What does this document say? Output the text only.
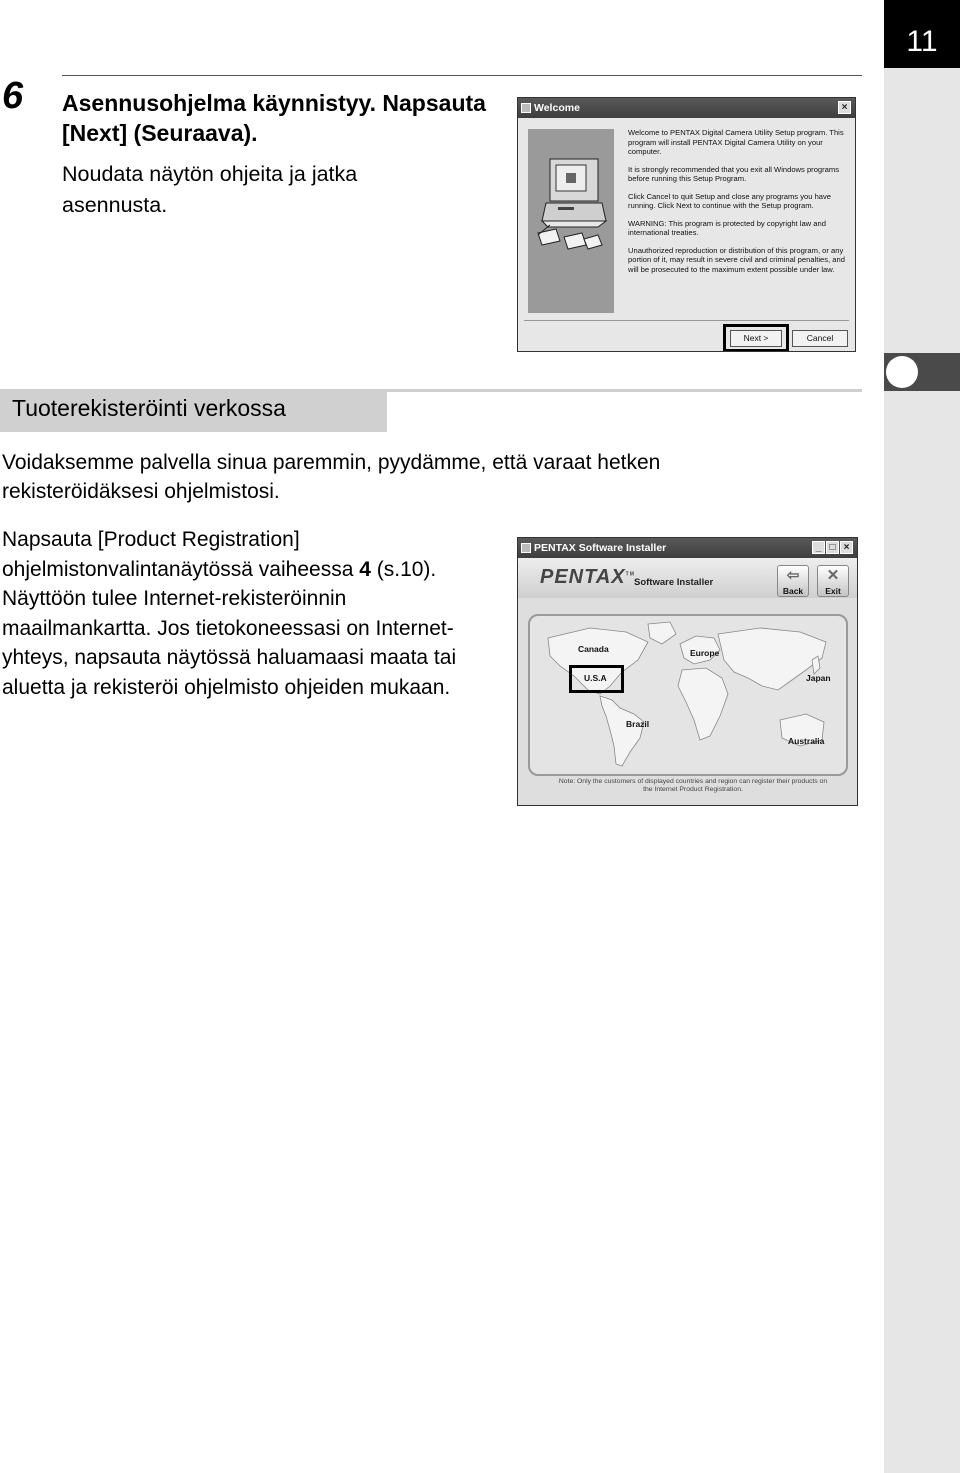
11
6 Asennusohjelma käynnistyy. Napsauta [Next] (Seuraava).
Noudata näytön ohjeita ja jatka asennusta.
Welcome	×

Welcome to PENTAX Digital Camera Utility Setup program. This program will install PENTAX Digital Camera Utility on your computer.

It is strongly recommended that you exit all Windows programs before running this Setup Program.

Click Cancel to quit Setup and close any programs you have running. Click Next to continue with the Setup program.

WARNING: This program is protected by copyright law and international treaties.

Unauthorized reproduction or distribution of this program, or any portion of it, may result in severe civil and criminal penalties, and will be prosecuted to the maximum extent possible under law.

Next >	Cancel
Tuoterekisteröinti verkossa
Voidaksemme palvella sinua paremmin, pyydämme, että varaat hetken rekisteröidäksesi ohjelmistosi.
Napsauta [Product Registration] ohjelmistonvalintanäytössä vaiheessa 4 (s.10).
Näyttöön tulee Internet-rekisteröinnin maailmankartta. Jos tietokoneessasi on Internet-yhteys, napsauta näytössä haluamaasi maata tai aluetta ja rekisteröi ohjelmisto ohjeiden mukaan.
PENTAX Software Installer	_ □ ×
PENTAX™
Software Installer	⇦
Back
✕
Exit
Canada	Europe
U.S.A	Japan
Brazil
Australia
Note: Only the customers of displayed countries and region can register their products on the Internet Product Registration.
